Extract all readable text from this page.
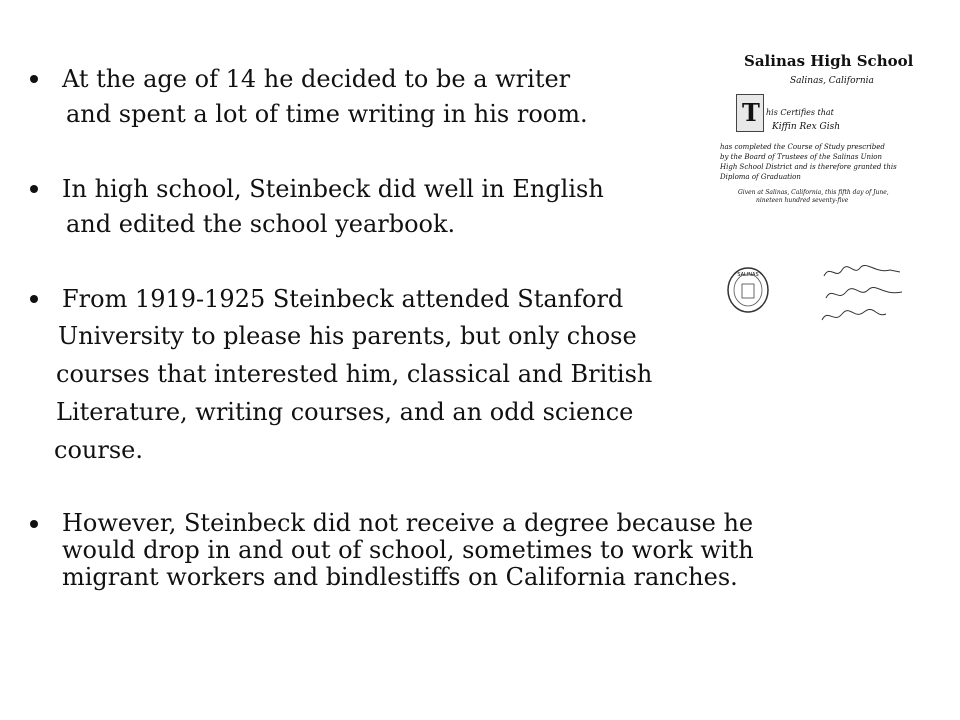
At the age of 14 he decided to be a writer
and spent a lot of time writing in his room.
In high school, Steinbeck did well in English
and edited the school yearbook.
From 1919-1925 Steinbeck attended Stanford
University to please his parents, but only chose
courses that interested him, classical and British
Literature, writing courses, and an odd science
course.
However, Steinbeck did not receive a degree because he
would drop in and out of school, sometimes to work with
migrant workers and bindlestiffs on California ranches.
Salinas High School
Salinas, California
T his Certifies that
Kiffin Rex Gish
has completed the Course of Study prescribed
by the Board of Trustees of the Salinas Union
High School District and is therefore granted this
Diploma of Graduation
Given at Salinas, California, this fifth day of June,
nineteen hundred seventy-five
SALINAS
